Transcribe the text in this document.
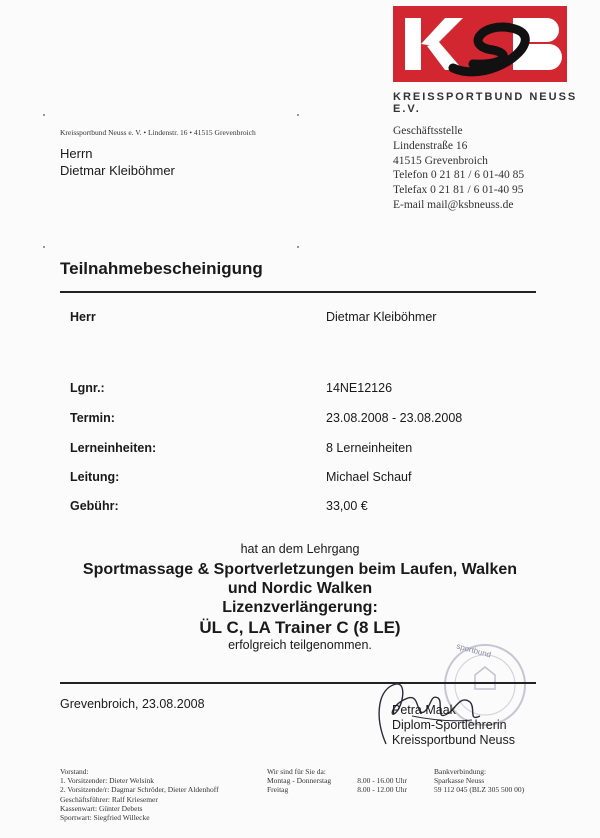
KREISSPORTBUND NEUSS E.V.
Kreissportbund Neuss e. V. • Lindenstr. 16 • 41515 Grevenbroich
Herrn
Dietmar Kleiböhmer
Geschäftsstelle
Lindenstraße 16
41515 Grevenbroich
Telefon 0 21 81 / 6 01-40 85
Telefax 0 21 81 / 6 01-40 95
E-mail mail@ksbneuss.de
Teilnahmebescheinigung
Herr	Dietmar Kleiböhmer
Lgnr.:	14NE12126
Termin:	23.08.2008 - 23.08.2008
Lerneinheiten:	8 Lerneinheiten
Leitung:	Michael Schauf
Gebühr:	33,00 €
hat an dem Lehrgang
Sportmassage & Sportverletzungen beim Laufen, Walken
und Nordic Walken
Lizenzverlängerung:
ÜL C, LA Trainer C (8 LE)
erfolgreich teilgenommen.	sportbund
Grevenbroich, 23.08.2008	Petra Maak
Diplom-Sportlehrerin
Kreissportbund Neuss
Vorstand:
1. Vorsitzender: Dieter Welsink
2. Vorsitzende/r: Dagmar Schröder, Dieter Aldenhoff
Geschäftsführer: Ralf Kriesemer
Kassenwart: Günter Debets
Sportwart: Siegfried Willecke
Wir sind für Sie da:
Montag - Donnerstag	8.00 - 16.00 Uhr
Freitag	8.00 - 12.00 Uhr
Bankverbindung:
Sparkasse Neuss
59 112 045 (BLZ 305 500 00)
